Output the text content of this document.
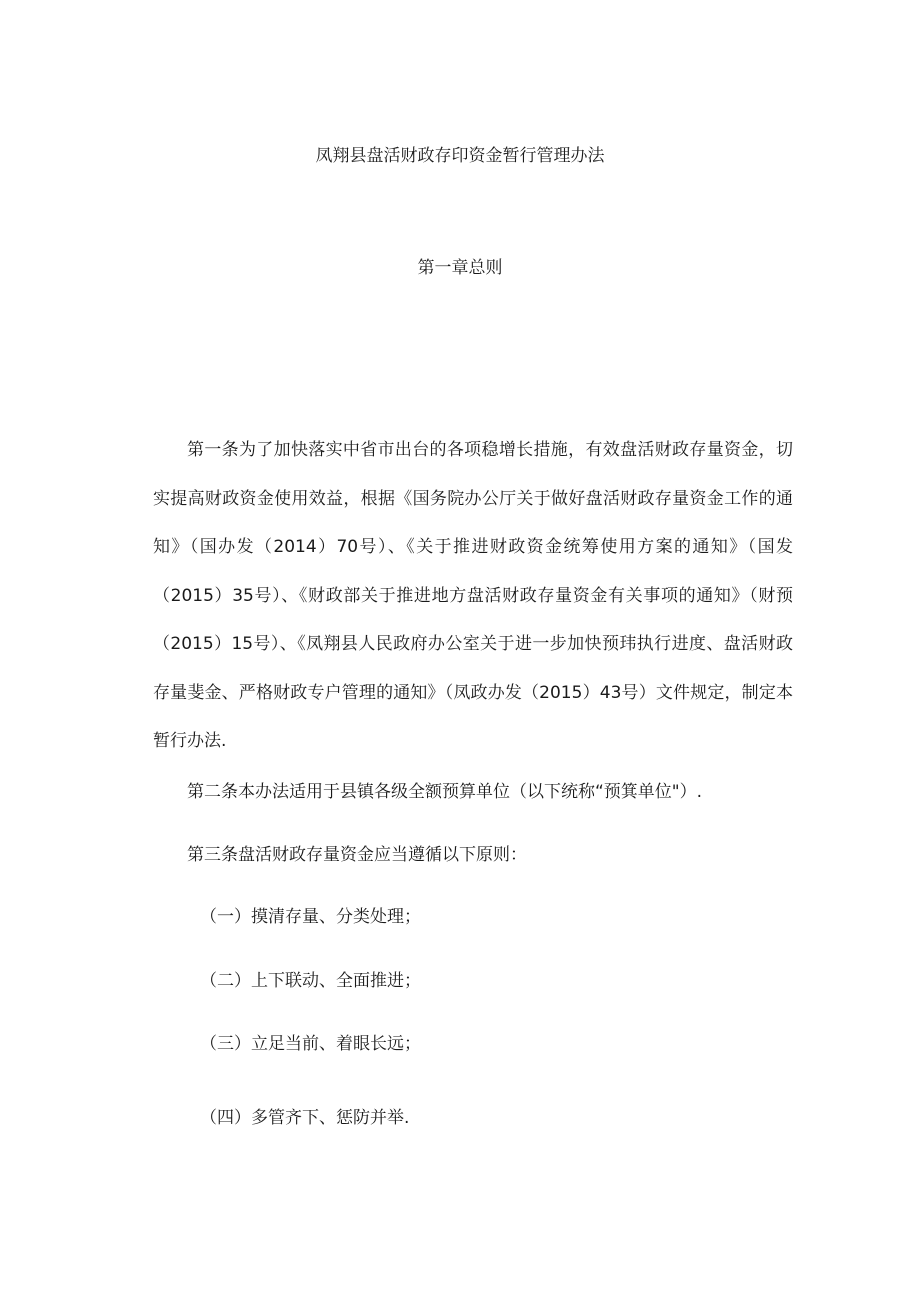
凤翔县盘活财政存印资金暂行管理办法
第一章总则

第一条为了加快落实中省市出台的各项稳增长措施，有效盘活财政存量资金，切实提高财政资金使用效益，根据《国务院办公厅关于做好盘活财政存量资金工作的通知》（国办发（2014）70号）、《关于推进财政资金统筹使用方案的通知》（国发（2015）35号）、《财政部关于推进地方盘活财政存量资金有关事项的通知》（财预（2015）15号）、《凤翔县人民政府办公室关于进一步加快预玮执行进度、盘活财政存量斐金、严格财政专户管理的通知》（凤政办发（2015）43号）文件规定，制定本暂行办法.

第二条本办法适用于县镇各级全额预算单位（以下统称“预箕单位"）.

第三条盘活财政存量资金应当遵循以下原则：

（一）摸清存量、分类处理；

（二）上下联动、全面推进；

（三）立足当前、着眼长远；

（四）多管齐下、惩防并举.
